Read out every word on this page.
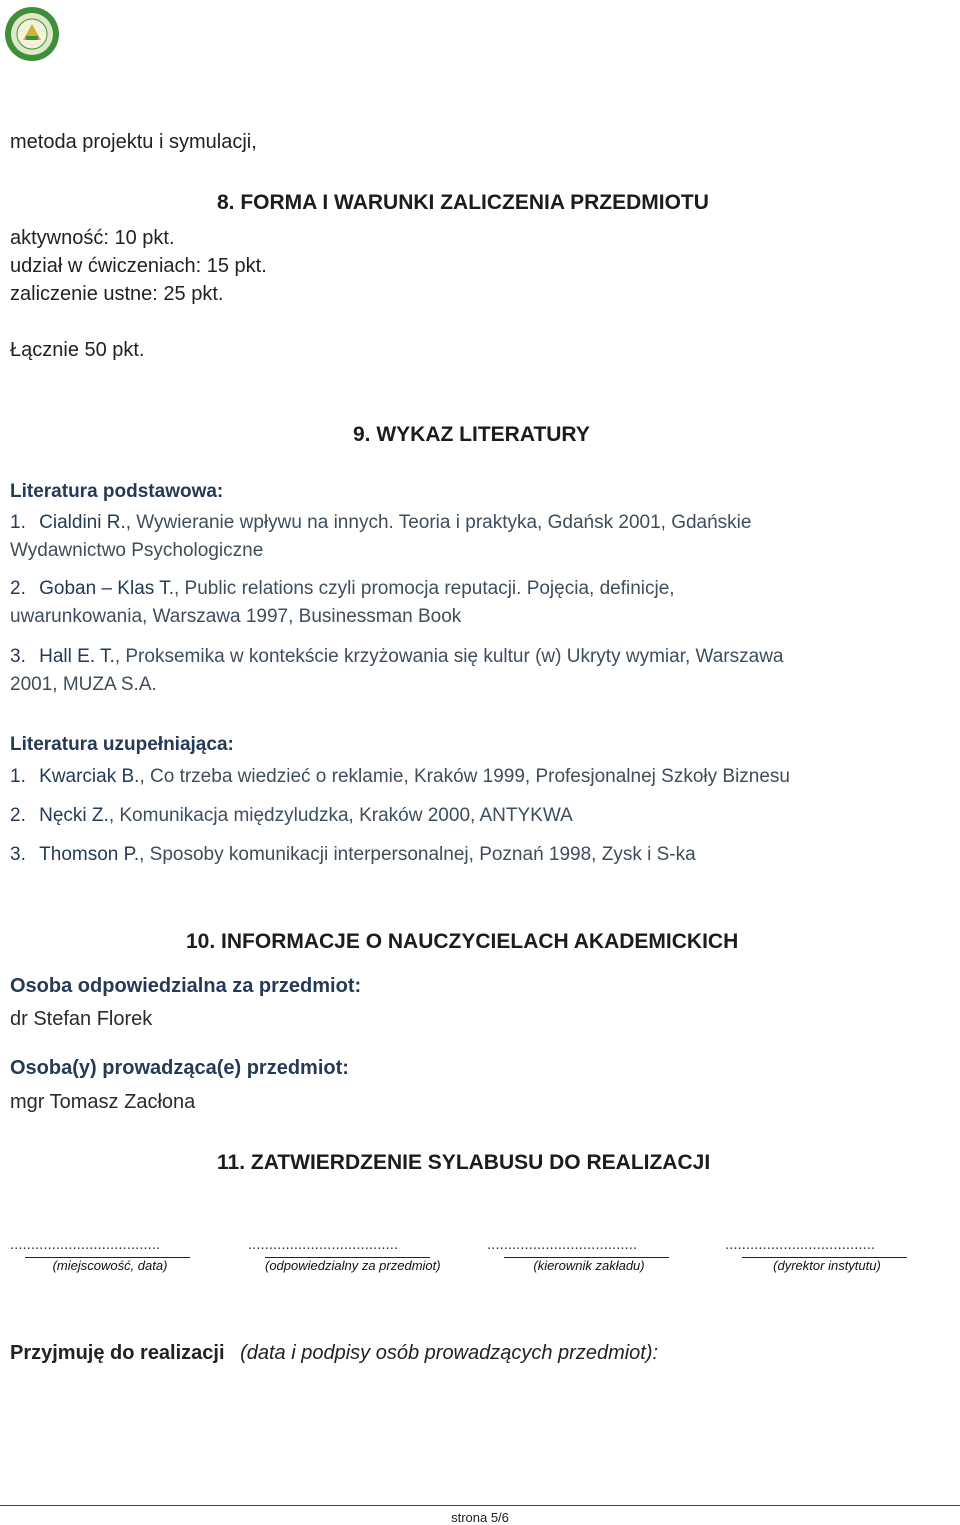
metoda projektu i symulacji,
8. FORMA I WARUNKI ZALICZENIA PRZEDMIOTU
aktywność: 10 pkt.
udział w ćwiczeniach: 15 pkt.
zaliczenie ustne: 25 pkt.
Łącznie 50 pkt.
9. WYKAZ LITERATURY
Literatura podstawowa:
1. Cialdini R., Wywieranie wpływu na innych. Teoria i praktyka, Gdańsk 2001, Gdańskie
Wydawnictwo Psychologiczne
2. Goban – Klas T., Public relations czyli promocja reputacji. Pojęcia, definicje,
uwarunkowania, Warszawa 1997, Businessman Book
3. Hall E. T., Proksemika w kontekście krzyżowania się kultur (w) Ukryty wymiar, Warszawa
2001, MUZA S.A.
Literatura uzupełniająca:
1. Kwarciak B., Co trzeba wiedzieć o reklamie, Kraków 1999, Profesjonalnej Szkoły Biznesu
2. Nęcki Z., Komunikacja międzyludzka, Kraków 2000, ANTYKWA
3. Thomson P., Sposoby komunikacji interpersonalnej, Poznań 1998, Zysk i S-ka
10. INFORMACJE O NAUCZYCIELACH AKADEMICKICH
Osoba odpowiedzialna za przedmiot:
dr Stefan Florek
Osoba(y) prowadząca(e) przedmiot:
mgr Tomasz Zacłona
11. ZATWIERDZENIE SYLABUSU DO REALIZACJI
....................................	....................................	....................................	....................................
(miejscowość, data)	(odpowiedzialny za przedmiot)	(kierownik zakładu)	(dyrektor instytutu)
Przyjmuję do realizacji (data i podpisy osób prowadzących przedmiot):
strona 5/6
